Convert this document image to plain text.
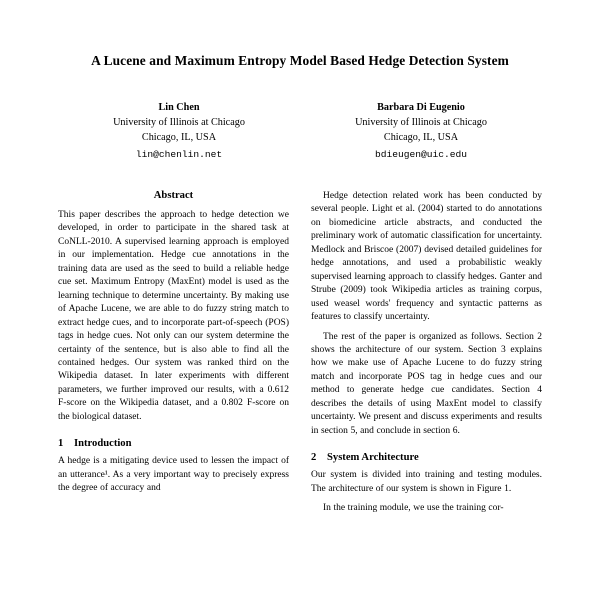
A Lucene and Maximum Entropy Model Based Hedge Detection System
Lin Chen
University of Illinois at Chicago
Chicago, IL, USA
lin@chenlin.net
Barbara Di Eugenio
University of Illinois at Chicago
Chicago, IL, USA
bdieugen@uic.edu
Abstract

This paper describes the approach to hedge detection we developed, in order to participate in the shared task at CoNLL-2010. A supervised learning approach is employed in our implementation. Hedge cue annotations in the training data are used as the seed to build a reliable hedge cue set. Maximum Entropy (MaxEnt) model is used as the learning technique to determine uncertainty. By making use of Apache Lucene, we are able to do fuzzy string match to extract hedge cues, and to incorporate part-of-speech (POS) tags in hedge cues. Not only can our system determine the certainty of the sentence, but is also able to find all the contained hedges. Our system was ranked third on the Wikipedia dataset. In later experiments with different parameters, we further improved our results, with a 0.612 F-score on the Wikipedia dataset, and a 0.802 F-score on the biological dataset.

1 Introduction

A hedge is a mitigating device used to lessen the impact of an utterance¹. As a very important way to precisely express the degree of accuracy and

Hedge detection related work has been conducted by several people. Light et al. (2004) started to do annotations on biomedicine article abstracts, and conducted the preliminary work of automatic classification for uncertainty. Medlock and Briscoe (2007) devised detailed guidelines for hedge annotations, and used a probabilistic weakly supervised learning approach to classify hedges. Ganter and Strube (2009) took Wikipedia articles as training corpus, used weasel words' frequency and syntactic patterns as features to classify uncertainty.

The rest of the paper is organized as follows. Section 2 shows the architecture of our system. Section 3 explains how we make use of Apache Lucene to do fuzzy string match and incorporate POS tag in hedge cues and our method to generate hedge cue candidates. Section 4 describes the details of using MaxEnt model to classify uncertainty. We present and discuss experiments and results in section 5, and conclude in section 6.

2 System Architecture

Our system is divided into training and testing modules. The architecture of our system is shown in Figure 1.

In the training module, we use the training cor-
